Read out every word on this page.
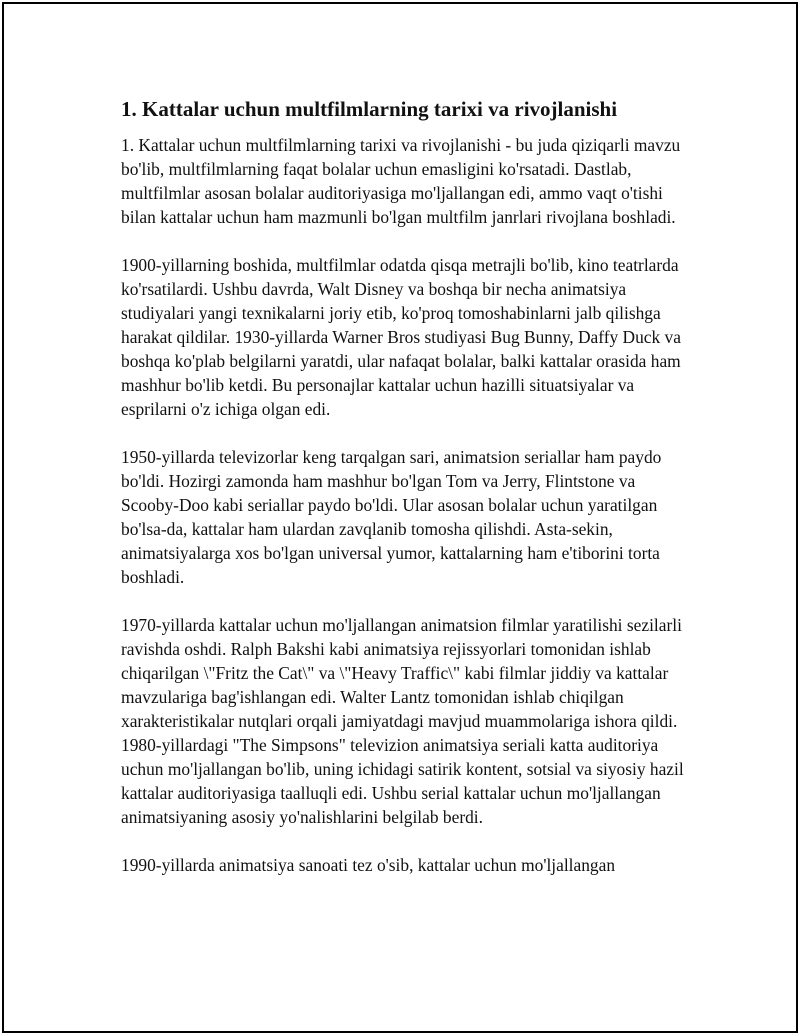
1. Kattalar uchun multfilmlarning tarixi va rivojlanishi

1. Kattalar uchun multfilmlarning tarixi va rivojlanishi - bu juda qiziqarli mavzu bo'lib, multfilmlarning faqat bolalar uchun emasligini ko'rsatadi. Dastlab, multfilmlar asosan bolalar auditoriyasiga mo'ljallangan edi, ammo vaqt o'tishi bilan kattalar uchun ham mazmunli bo'lgan multfilm janrlari rivojlana boshladi.

1900-yillarning boshida, multfilmlar odatda qisqa metrajli bo'lib, kino teatrlarda ko'rsatilardi. Ushbu davrda, Walt Disney va boshqa bir necha animatsiya studiyalari yangi texnikalarni joriy etib, ko'proq tomoshabinlarni jalb qilishga harakat qildilar. 1930-yillarda Warner Bros studiyasi Bug Bunny, Daffy Duck va boshqa ko'plab belgilarni yaratdi, ular nafaqat bolalar, balki kattalar orasida ham mashhur bo'lib ketdi. Bu personajlar kattalar uchun hazilli situatsiyalar va esprilarni o'z ichiga olgan edi.

1950-yillarda televizorlar keng tarqalgan sari, animatsion seriallar ham paydo bo'ldi. Hozirgi zamonda ham mashhur bo'lgan Tom va Jerry, Flintstone va Scooby-Doo kabi seriallar paydo bo'ldi. Ular asosan bolalar uchun yaratilgan bo'lsa-da, kattalar ham ulardan zavqlanib tomosha qilishdi. Asta-sekin, animatsiyalarga xos bo'lgan universal yumor, kattalarning ham e'tiborini torta boshladi.

1970-yillarda kattalar uchun mo'ljallangan animatsion filmlar yaratilishi sezilarli ravishda oshdi. Ralph Bakshi kabi animatsiya rejissyorlari tomonidan ishlab chiqarilgan \"Fritz the Cat\" va \"Heavy Traffic\" kabi filmlar jiddiy va kattalar mavzulariga bag'ishlangan edi. Walter Lantz tomonidan ishlab chiqilgan xarakteristikalar nutqlari orqali jamiyatdagi mavjud muammolariga ishora qildi. 1980-yillardagi "The Simpsons" televizion animatsiya seriali katta auditoriya uchun mo'ljallangan bo'lib, uning ichidagi satirik kontent, sotsial va siyosiy hazil kattalar auditoriyasiga taalluqli edi. Ushbu serial kattalar uchun mo'ljallangan animatsiyaning asosiy yo'nalishlarini belgilab berdi.

1990-yillarda animatsiya sanoati tez o'sib, kattalar uchun mo'ljallangan
